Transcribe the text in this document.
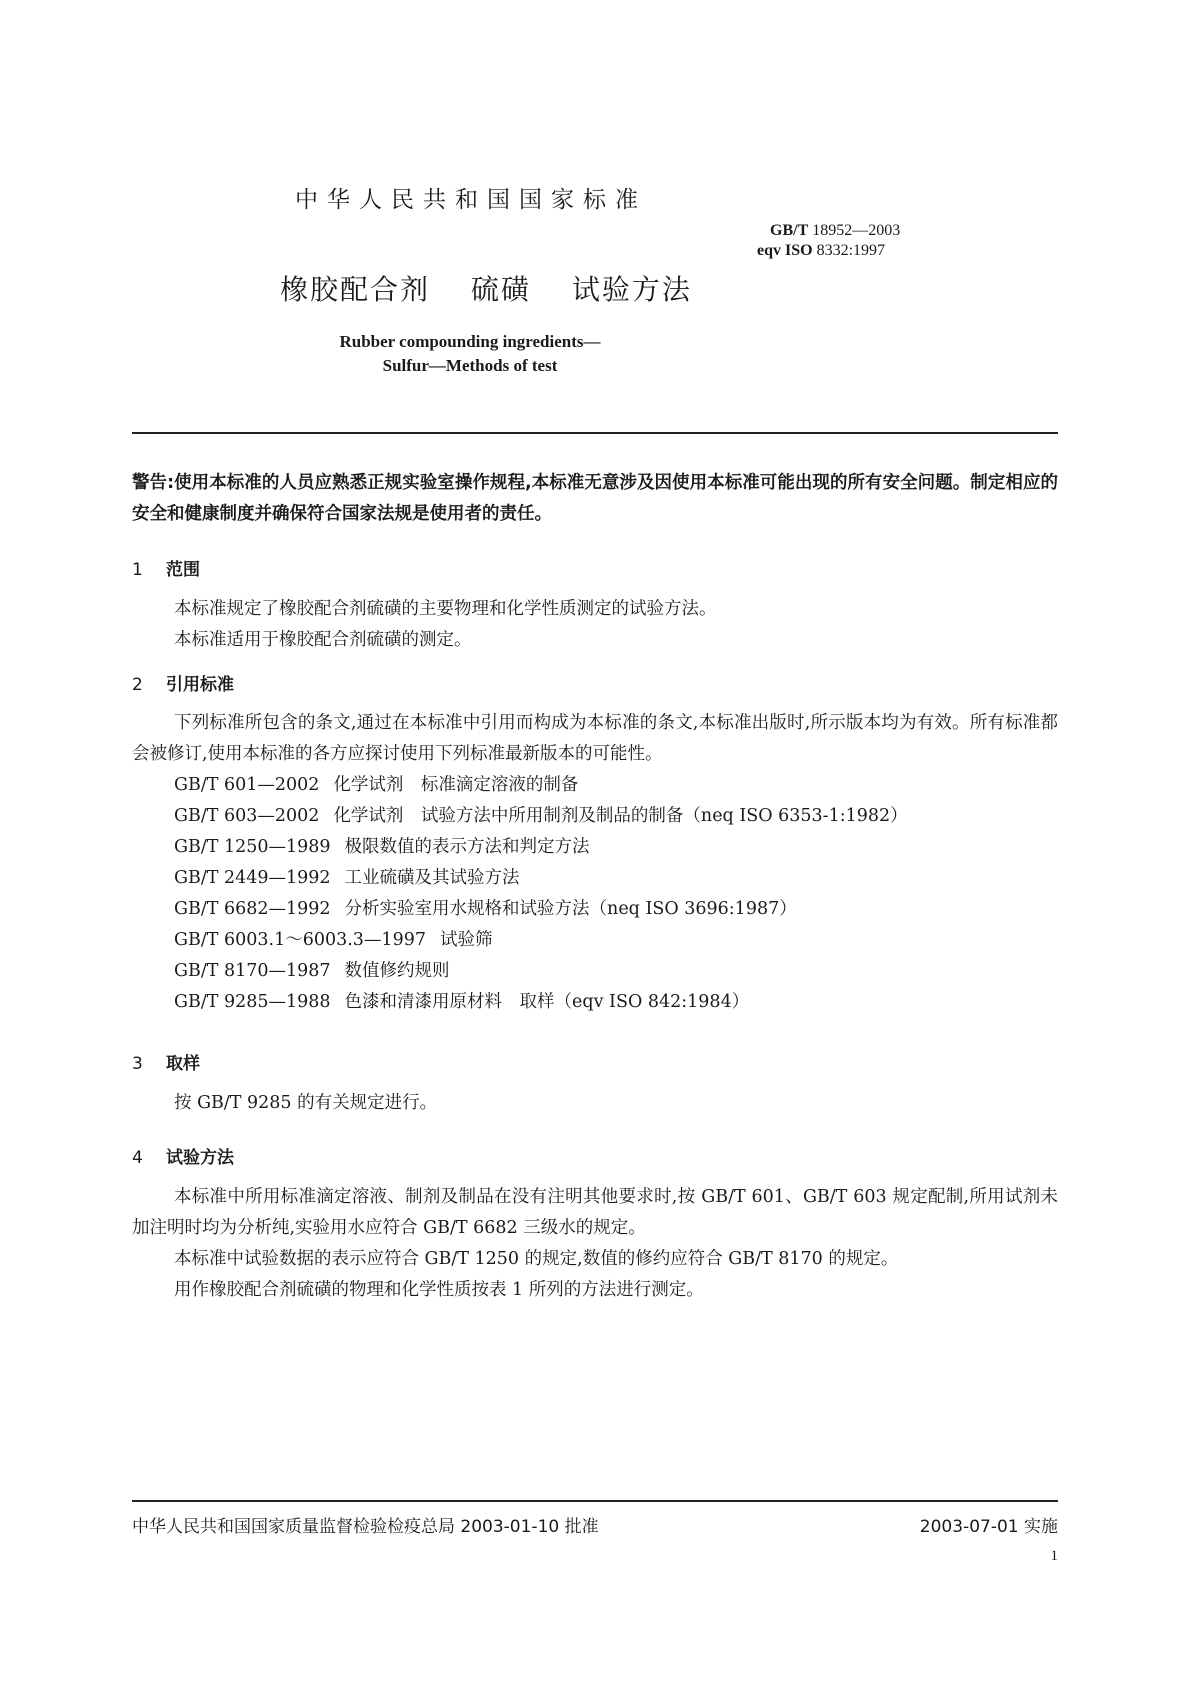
中华人民共和国国家标准
GB/T 18952—2003
eqv ISO 8332:1997
橡胶配合剂 硫磺 试验方法
Rubber compounding ingredients—
Sulfur—Methods of test
警告:使用本标准的人员应熟悉正规实验室操作规程,本标准无意涉及因使用本标准可能出现的所有安全问题。制定相应的安全和健康制度并确保符合国家法规是使用者的责任。
1 范围
本标准规定了橡胶配合剂硫磺的主要物理和化学性质测定的试验方法。
本标准适用于橡胶配合剂硫磺的测定。
2 引用标准
下列标准所包含的条文,通过在本标准中引用而构成为本标准的条文,本标准出版时,所示版本均为有效。所有标准都会被修订,使用本标准的各方应探讨使用下列标准最新版本的可能性。
GB/T 601—2002 化学试剂　标准滴定溶液的制备
GB/T 603—2002 化学试剂　试验方法中所用制剂及制品的制备（neq ISO 6353-1:1982）
GB/T 1250—1989 极限数值的表示方法和判定方法
GB/T 2449—1992 工业硫磺及其试验方法
GB/T 6682—1992 分析实验室用水规格和试验方法（neq ISO 3696:1987）
GB/T 6003.1～6003.3—1997 试验筛
GB/T 8170—1987 数值修约规则
GB/T 9285—1988 色漆和清漆用原材料　取样（eqv ISO 842:1984）
3 取样
按 GB/T 9285 的有关规定进行。
4 试验方法
本标准中所用标准滴定溶液、制剂及制品在没有注明其他要求时,按 GB/T 601、GB/T 603 规定配制,所用试剂未加注明时均为分析纯,实验用水应符合 GB/T 6682 三级水的规定。
本标准中试验数据的表示应符合 GB/T 1250 的规定,数值的修约应符合 GB/T 8170 的规定。
用作橡胶配合剂硫磺的物理和化学性质按表 1 所列的方法进行测定。
中华人民共和国国家质量监督检验检疫总局 2003-01-10 批准	2003-07-01 实施
1
